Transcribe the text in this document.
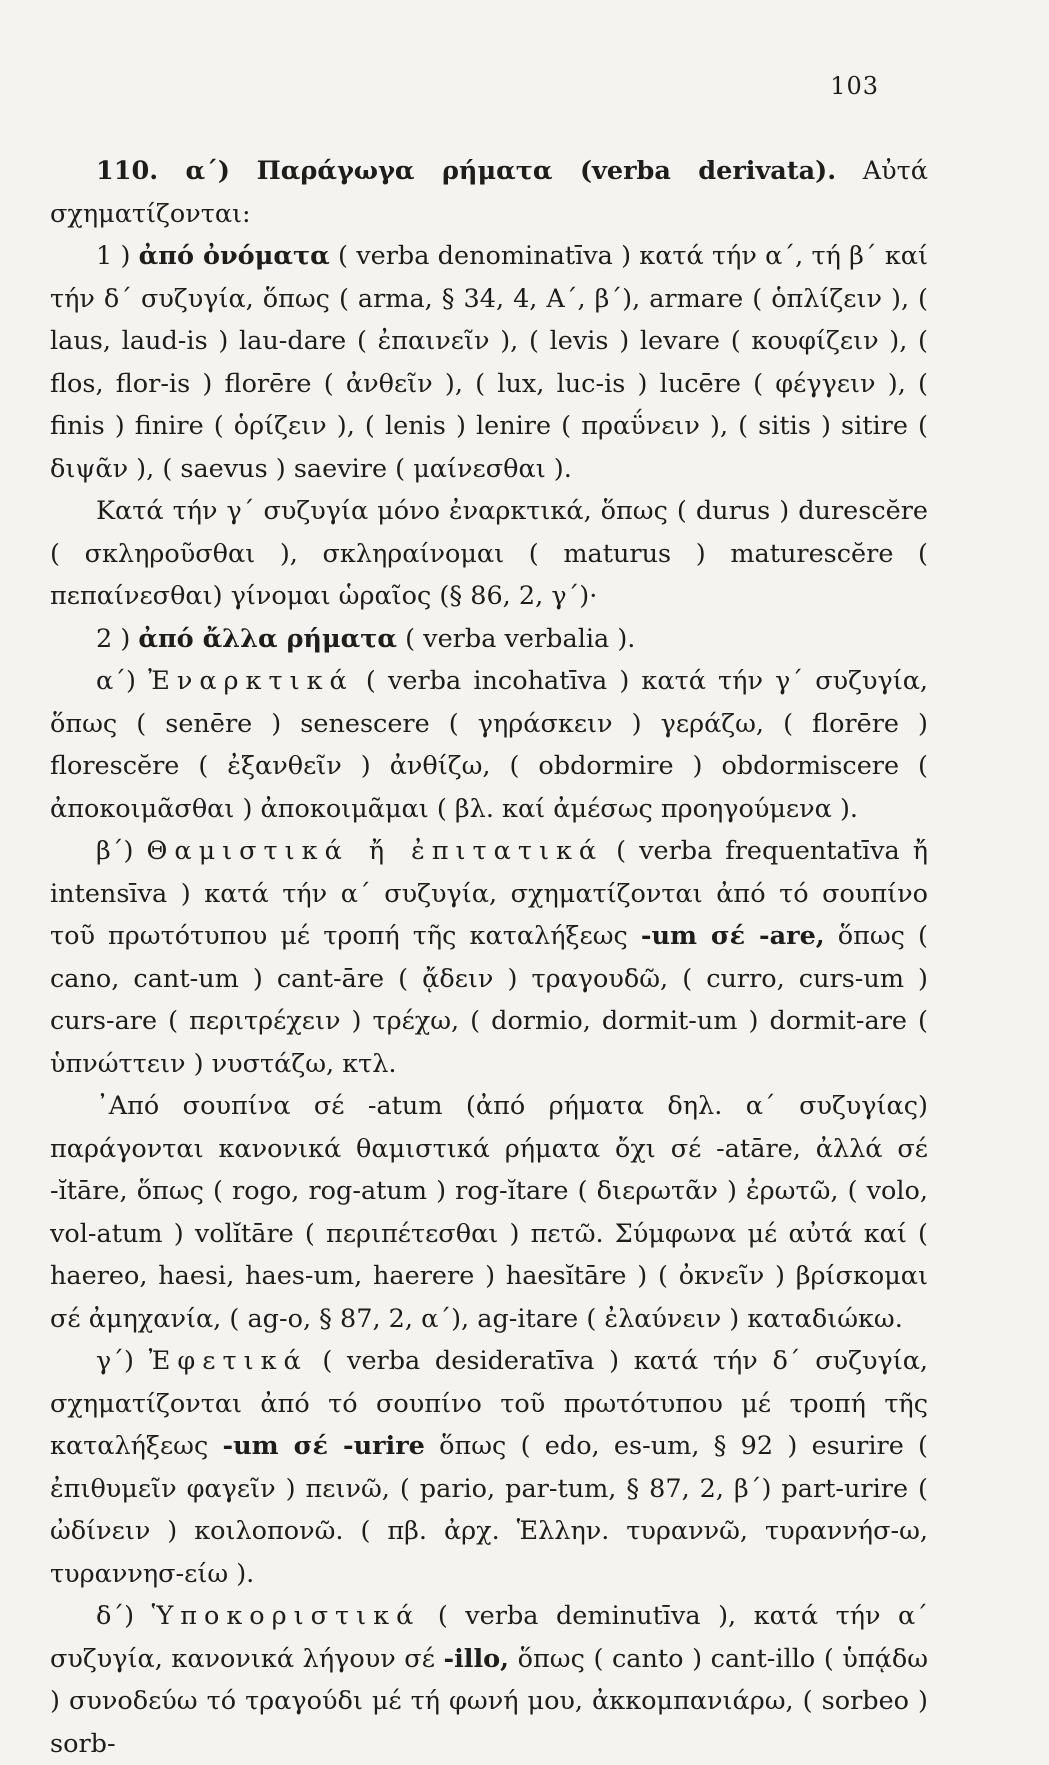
103

110. α΄) Παράγωγα ρήματα (verba derivata). Αὐτά σχηματίζονται:

1 ) ἀπό ὀνόματα ( verba denominatīva ) κατά τήν α΄, τή β΄ καί τήν δ΄ συζυγία, ὅπως ( arma, § 34, 4, Α΄, β΄), armare ( ὁπλίζειν ), ( laus, laud-is ) lau-dare ( ἐπαινεῖν ), ( levis ) levare ( κουφίζειν ), ( flos, flor-is ) florēre ( ἀνθεῖν ), ( lux, luc-is ) lucēre ( φέγγειν ), ( finis ) finire ( ὁρίζειν ), ( lenis ) lenire ( πραΰνειν ), ( sitis ) sitire ( διψᾶν ), ( saevus ) saevire ( μαίνεσθαι ).

Κατά τήν γ΄ συζυγία μόνο ἐναρκτικά, ὅπως ( durus ) durescĕre ( σκληροῦσθαι ), σκληραίνομαι ( maturus ) maturescĕre ( πεπαίνεσθαι) γίνομαι ὡραῖος (§ 86, 2, γ΄)·

2 ) ἀπό ἄλλα ρήματα ( verba verbalia ).

α΄) Ἐναρκτικά ( verba incohatīva ) κατά τήν γ΄ συζυγία, ὅπως ( senēre ) senescere ( γηράσκειν ) γεράζω, ( florēre ) florescĕre ( ἐξανθεῖν ) ἀνθίζω, ( obdormire ) obdormiscere ( ἀποκοιμᾶσθαι ) ἀποκοιμᾶμαι ( βλ. καί ἀμέσως προηγούμενα ).

β΄) Θαμιστικά ἤ ἐπιτατικά ( verba frequentatīva ἤ intensīva ) κατά τήν α΄ συζυγία, σχηματίζονται ἀπό τό σουπίνο τοῦ πρωτότυπου μέ τροπή τῆς καταλήξεως -um σέ -are, ὅπως ( cano, cant-um ) cant-āre ( ᾄδειν ) τραγουδῶ, ( curro, curs-um ) curs-are ( περιτρέχειν ) τρέχω, ( dormio, dormit-um ) dormit-are ( ὑπνώττειν ) νυστάζω, κτλ.

᾿Από σουπίνα σέ -atum (ἀπό ρήματα δηλ. α΄ συζυγίας) παράγονται κανονικά θαμιστικά ρήματα ὄχι σέ -atāre, ἀλλά σέ -ĭtāre, ὅπως ( rogo, rog-atum ) rog-ĭtare ( διερωτᾶν ) ἐρωτῶ, ( volo, vol-atum ) volĭtāre ( περιπέτεσθαι ) πετῶ. Σύμφωνα μέ αὐτά καί ( haereo, haesi, haes-um, haerere ) haesĭtāre ) ( ὀκνεῖν ) βρίσκομαι σέ ἀμηχανία, ( ag-o, § 87, 2, α΄), ag-itare ( ἐλαύνειν ) καταδιώκω.

γ΄) Ἐφετικά ( verba desideratīva ) κατά τήν δ΄ συζυγία, σχηματίζονται ἀπό τό σουπίνο τοῦ πρωτότυπου μέ τροπή τῆς καταλήξεως -um σέ -urire ὅπως ( edo, es-um, § 92 ) esurire ( ἐπιθυμεῖν φαγεῖν ) πεινῶ, ( pario, par-tum, § 87, 2, β΄) part-urire ( ὠδίνειν ) κοιλοπονῶ. ( πβ. ἀρχ. Ἑλλην. τυραννῶ, τυραννήσ-ω, τυραννησ-είω ).

δ΄) Ὑποκοριστικά ( verba deminutīva ), κατά τήν α΄ συζυγία, κανονικά λήγουν σέ -illo, ὅπως ( canto ) cant-illo ( ὑπᾴδω ) συνοδεύω τό τραγούδι μέ τή φωνή μου, ἀκκομπανιάρω, ( sorbeo ) sorb-
